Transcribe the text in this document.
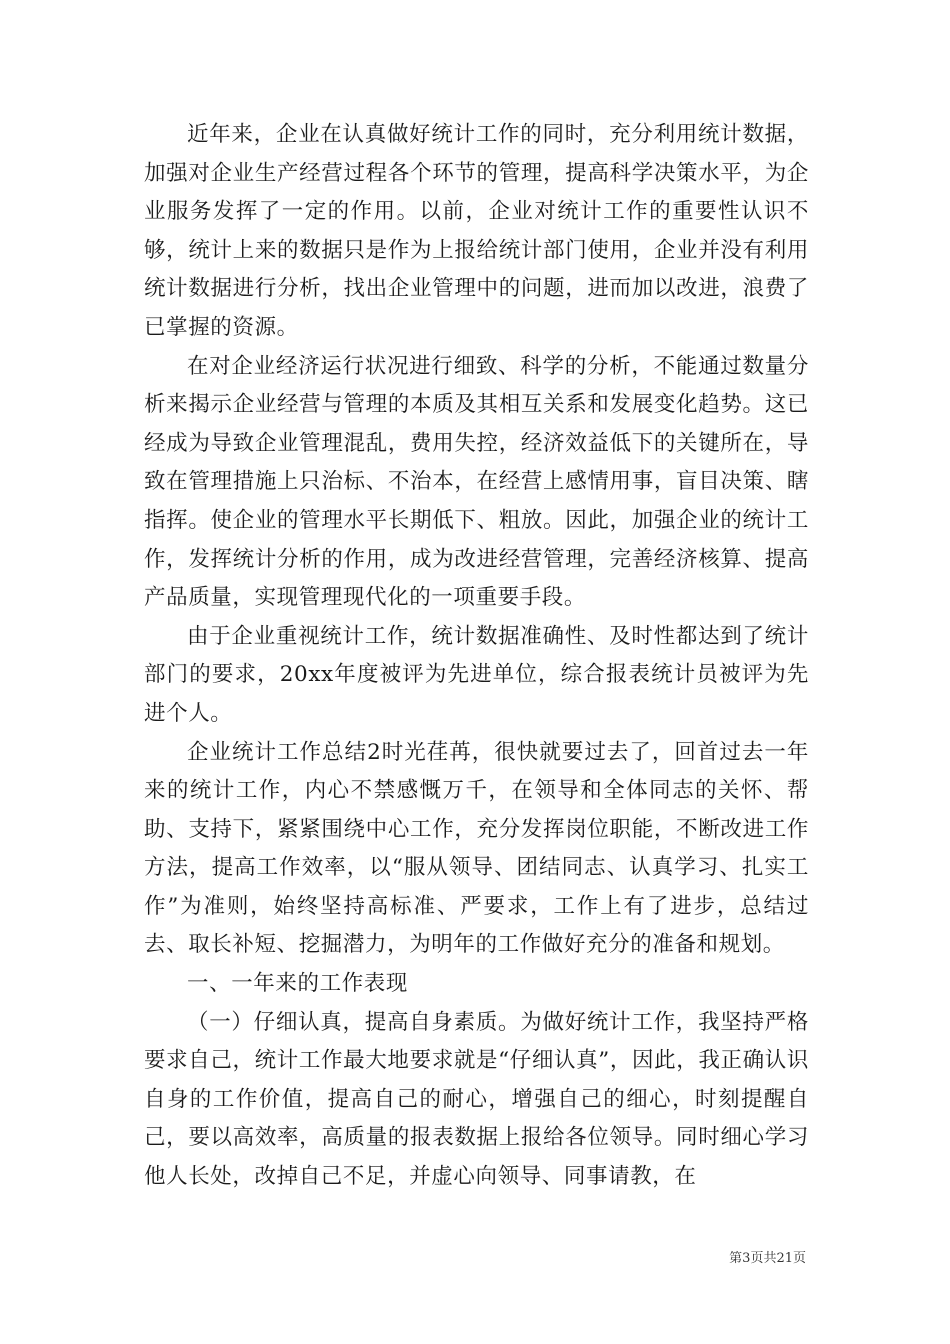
近年来，企业在认真做好统计工作的同时，充分利用统计数据，加强对企业生产经营过程各个环节的管理，提高科学决策水平，为企业服务发挥了一定的作用。以前，企业对统计工作的重要性认识不够，统计上来的数据只是作为上报给统计部门使用，企业并没有利用统计数据进行分析，找出企业管理中的问题，进而加以改进，浪费了已掌握的资源。

在对企业经济运行状况进行细致、科学的分析，不能通过数量分析来揭示企业经营与管理的本质及其相互关系和发展变化趋势。这已经成为导致企业管理混乱，费用失控，经济效益低下的关键所在，导致在管理措施上只治标、不治本，在经营上感情用事，盲目决策、瞎指挥。使企业的管理水平长期低下、粗放。因此，加强企业的统计工作，发挥统计分析的作用，成为改进经营管理，完善经济核算、提高产品质量，实现管理现代化的一项重要手段。

由于企业重视统计工作，统计数据准确性、及时性都达到了统计部门的要求，20xx年度被评为先进单位，综合报表统计员被评为先进个人。

企业统计工作总结2时光荏苒，很快就要过去了，回首过去一年来的统计工作，内心不禁感慨万千，在领导和全体同志的关怀、帮助、支持下，紧紧围绕中心工作，充分发挥岗位职能，不断改进工作方法，提高工作效率，以“服从领导、团结同志、认真学习、扎实工作”为准则，始终坚持高标准、严要求，工作上有了进步，总结过去、取长补短、挖掘潜力，为明年的工作做好充分的准备和规划。

一、一年来的工作表现

（一）仔细认真，提高自身素质。为做好统计工作，我坚持严格要求自己，统计工作最大地要求就是“仔细认真”，因此，我正确认识自身的工作价值，提高自己的耐心，增强自己的细心，时刻提醒自己，要以高效率，高质量的报表数据上报给各位领导。同时细心学习他人长处，改掉自己不足，并虚心向领导、同事请教，在

第3页共21页
